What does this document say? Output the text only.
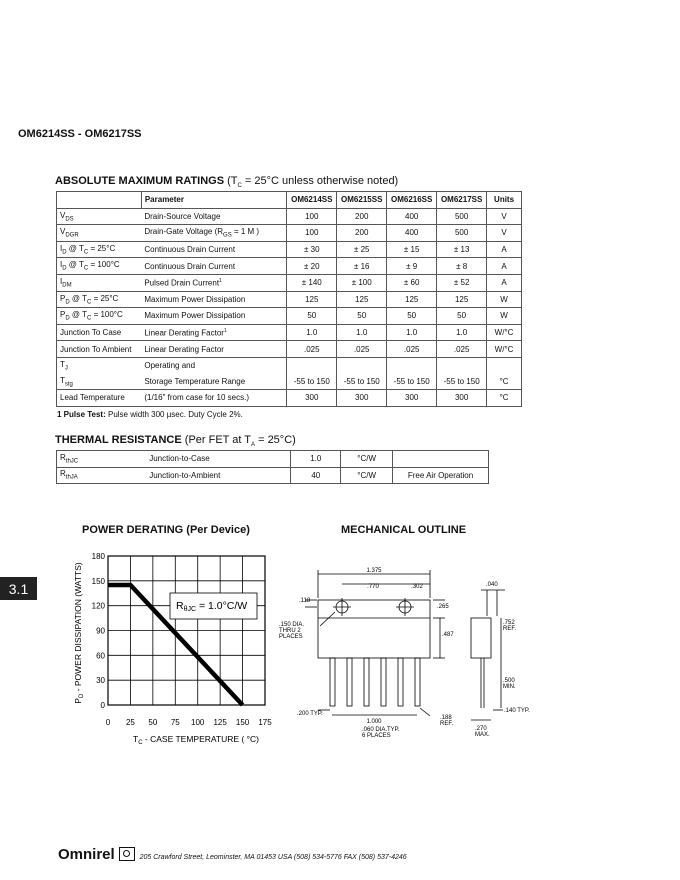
OM6214SS - OM6217SS
ABSOLUTE MAXIMUM RATINGS ($T_C = 25^\circ C$ unless otherwise noted)
	Parameter	OM6214SS	OM6215SS	OM6216SS	OM6217SS	Units
$V_{DS}$	Drain-Source Voltage	100	200	400	500	V
$V_{DGR}$	Drain-Gate Voltage ($R_{GS} = 1$ M )	100	200	400	500	V
$I_D$ @ $T_C = 25^\circ C$	Continuous Drain Current	± 30	± 25	± 15	± 13	A
$I_D$ @ $T_C = 100^\circ C$	Continuous Drain Current	± 20	± 16	± 9	± 8	A
$I_{DM}$	Pulsed Drain Current$^1$	± 140	± 100	± 60	± 52	A
$P_D$ @ $T_C = 25^\circ C$	Maximum Power Dissipation	125	125	125	125	W
$P_D$ @ $T_C = 100^\circ C$	Maximum Power Dissipation	50	50	50	50	W
Junction To Case	Linear Derating Factor$^1$	1.0	1.0	1.0	1.0	W/°C
Junction To Ambient	Linear Derating Factor	.025	.025	.025	.025	W/°C
$T_J$	Operating and					
$T_{stg}$	Storage Temperature Range	-55 to 150	-55 to 150	-55 to 150	-55 to 150	°C
Lead Temperature	(1/16" from case for 10 secs.)	300	300	300	300	°C
1 Pulse Test: Pulse width 300 µsec. Duty Cycle 2%.
THERMAL RESISTANCE (Per FET at $T_A = 25^\circ C$)
$R_{thJC}$	Junction-to-Case	1.0	°C/W	
$R_{thJA}$	Junction-to-Ambient	40	°C/W	Free Air Operation
3.1
POWER DERATING (Per Device)
0 25 50 75 100 125 150 175
0
30
60
90
120
150
180
RθJC = 1.0°C/W
$T_C$ - CASE TEMPERATURE ( °C)
$P_D$ - POWER DISSIPATION (WATTS)
MECHANICAL OUTLINE
1.375
.770	.302
.118
.265
.487
.150 DIA.
THRU 2
PLACES
.200 TYP.
1.000
.060 DIA.TYP.
6 PLACES
.188
REF.
.040
.752
REF.
.500
MIN.
.140 TYP.
.270
MAX.
Omnirel	205 Crawford Street, Leominster, MA 01453 USA (508) 534-5776 FAX (508) 537-4246
